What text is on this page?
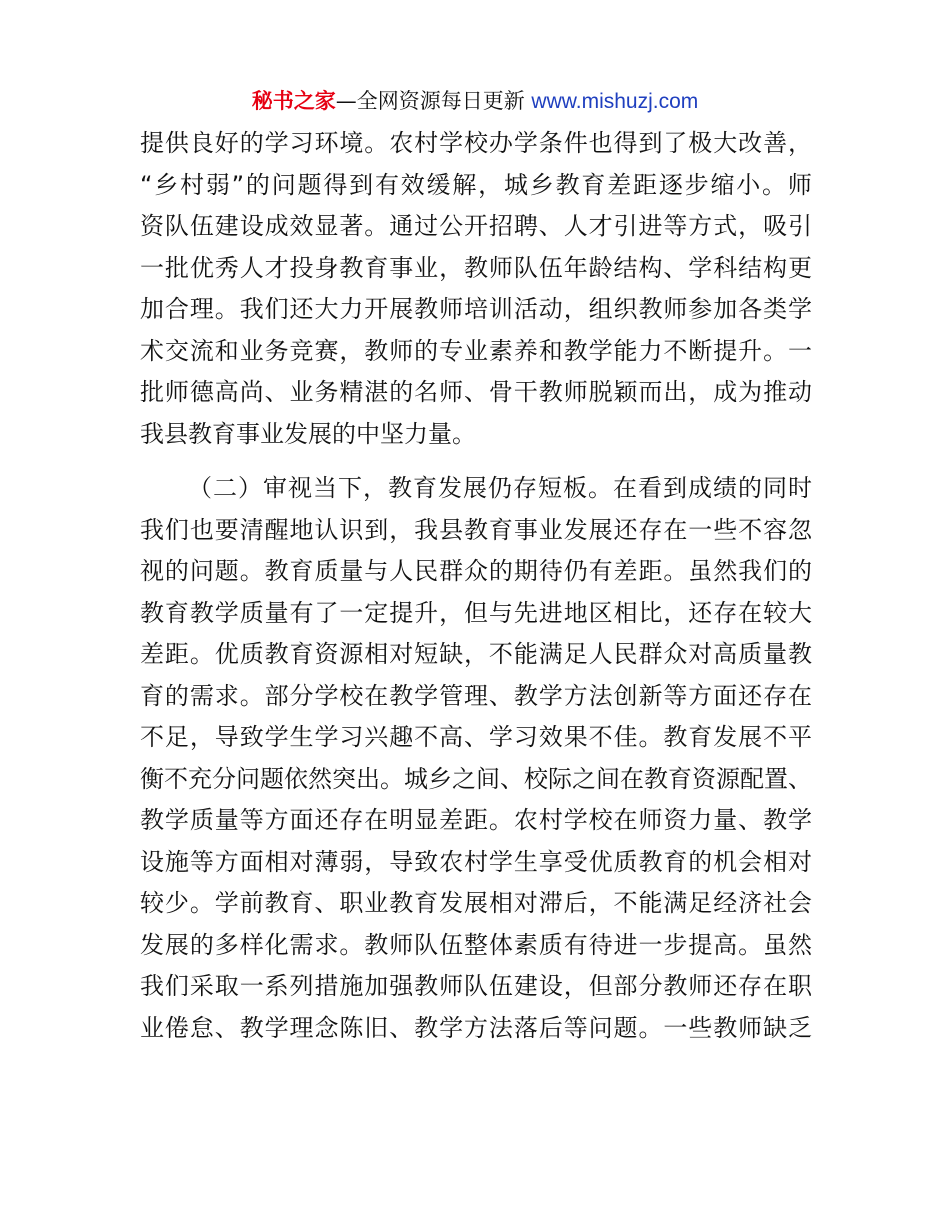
秘书之家—全网资源每日更新 www.mishuzj.com

提供良好的学习环境。农村学校办学条件也得到了极大改善，
“乡村弱”的问题得到有效缓解，城乡教育差距逐步缩小。师
资队伍建设成效显著。通过公开招聘、人才引进等方式，吸引
一批优秀人才投身教育事业，教师队伍年龄结构、学科结构更
加合理。我们还大力开展教师培训活动，组织教师参加各类学
术交流和业务竞赛，教师的专业素养和教学能力不断提升。一
批师德高尚、业务精湛的名师、骨干教师脱颖而出，成为推动
我县教育事业发展的中坚力量。

（二）审视当下，教育发展仍存短板。在看到成绩的同时
我们也要清醒地认识到，我县教育事业发展还存在一些不容忽
视的问题。教育质量与人民群众的期待仍有差距。虽然我们的
教育教学质量有了一定提升，但与先进地区相比，还存在较大
差距。优质教育资源相对短缺，不能满足人民群众对高质量教
育的需求。部分学校在教学管理、教学方法创新等方面还存在
不足，导致学生学习兴趣不高、学习效果不佳。教育发展不平
衡不充分问题依然突出。城乡之间、校际之间在教育资源配置、
教学质量等方面还存在明显差距。农村学校在师资力量、教学
设施等方面相对薄弱，导致农村学生享受优质教育的机会相对
较少。学前教育、职业教育发展相对滞后，不能满足经济社会
发展的多样化需求。教师队伍整体素质有待进一步提高。虽然
我们采取一系列措施加强教师队伍建设，但部分教师还存在职
业倦怠、教学理念陈旧、教学方法落后等问题。一些教师缺乏
